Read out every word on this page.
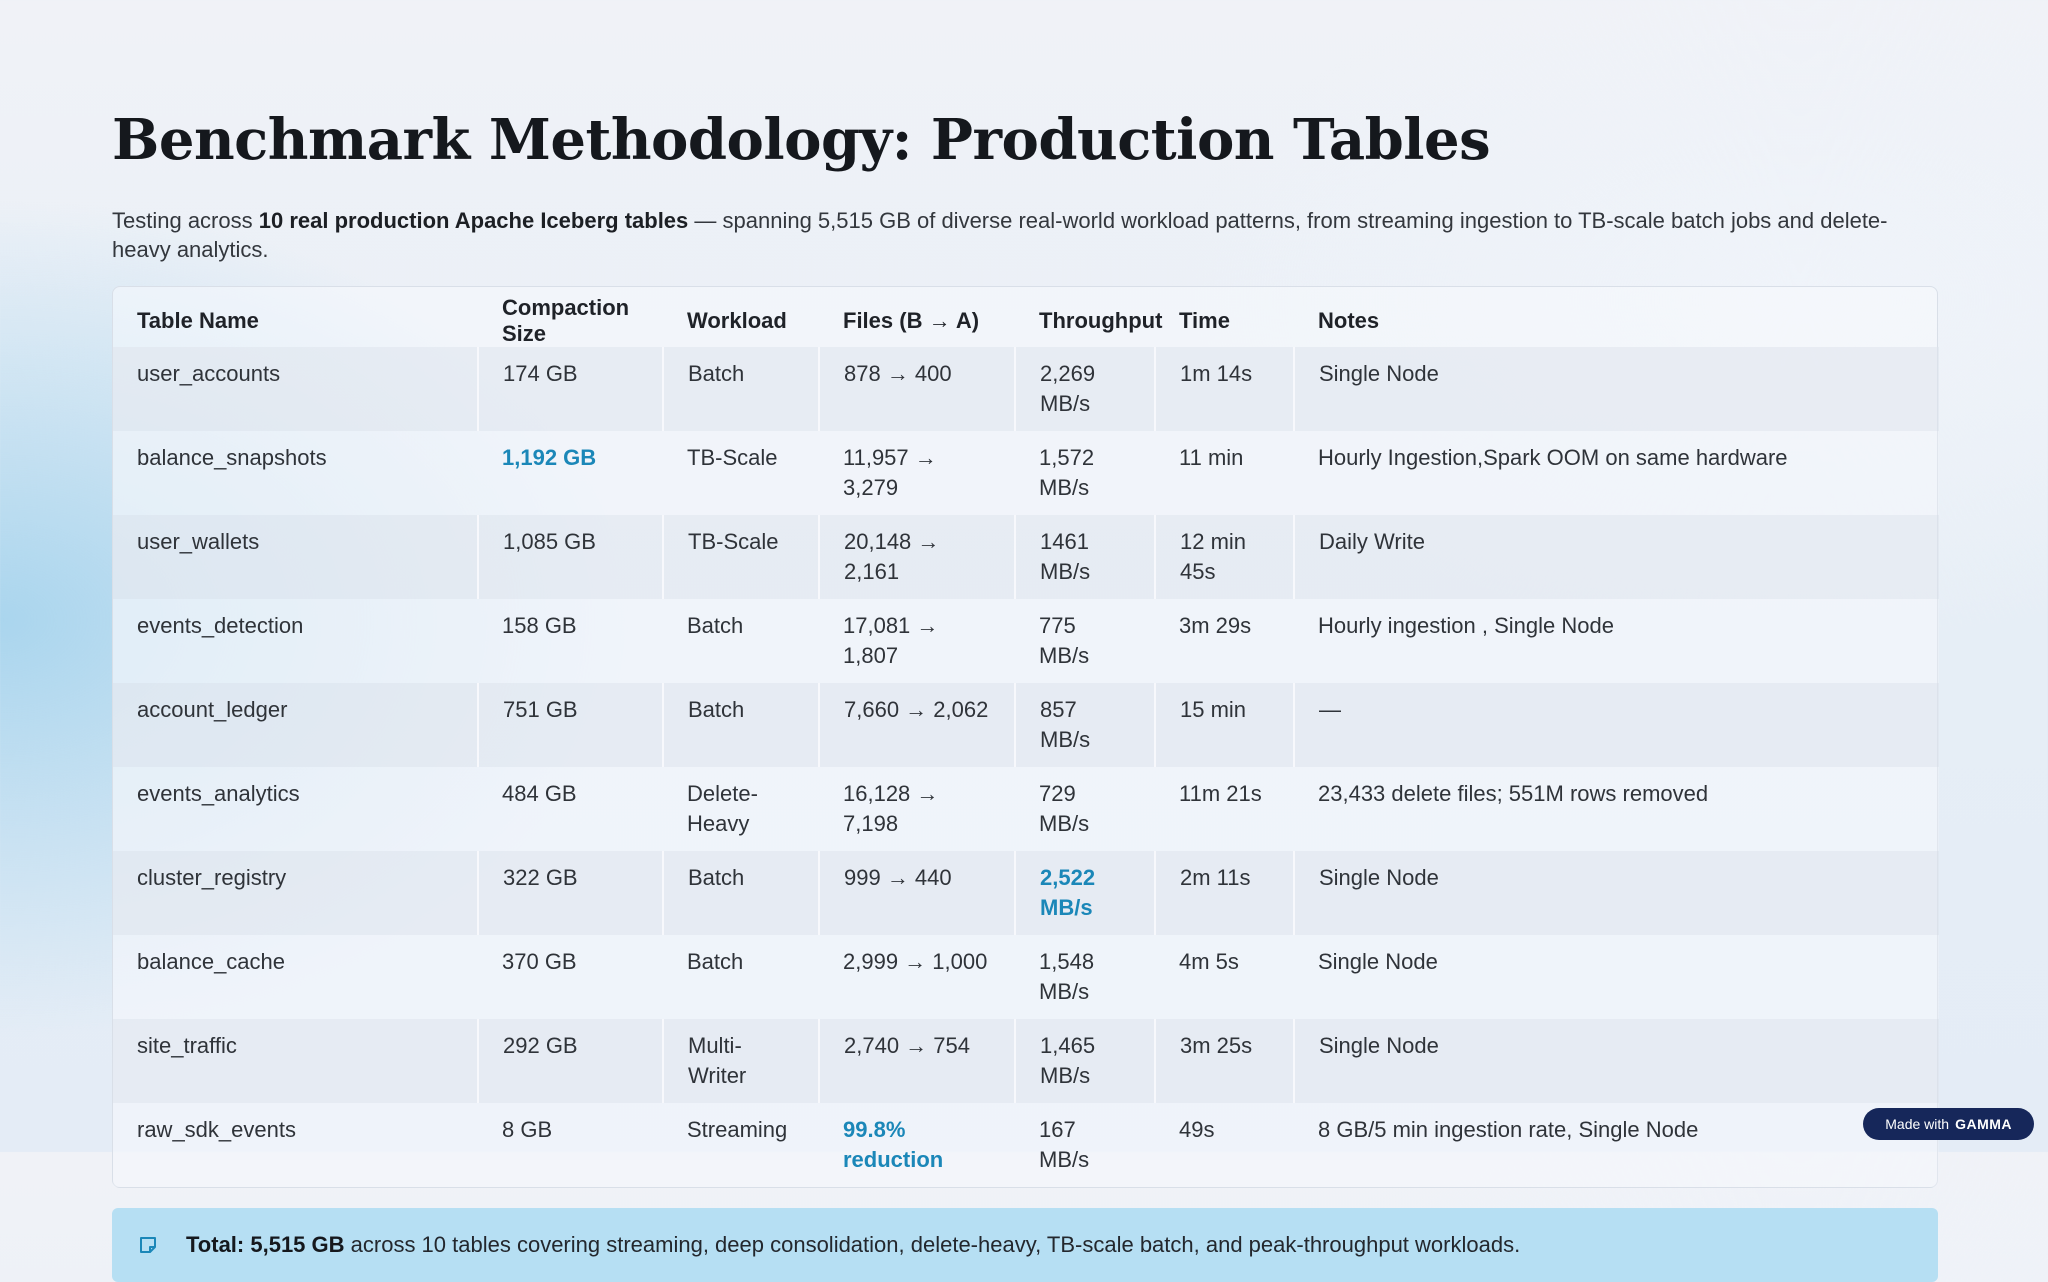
Benchmark Methodology: Production Tables

Testing across 10 real production Apache Iceberg tables — spanning 5,515 GB of diverse real-world workload patterns, from streaming ingestion to TB-scale batch jobs and delete-heavy analytics.

Table Name	Compaction Size	Workload	Files (B → A)	Throughput	Time	Notes
user_accounts	174 GB	Batch	878 → 400	2,269 MB/s	1m 14s	Single Node
balance_snapshots	1,192 GB	TB-Scale	11,957 → 3,279	1,572 MB/s	11 min	Hourly Ingestion,Spark OOM on same hardware
user_wallets	1,085 GB	TB-Scale	20,148 → 2,161	1461 MB/s	12 min 45s	Daily Write
events_detection	158 GB	Batch	17,081 → 1,807	775 MB/s	3m 29s	Hourly ingestion , Single Node
account_ledger	751 GB	Batch	7,660 → 2,062	857 MB/s	15 min	—
events_analytics	484 GB	Delete-Heavy	16,128 → 7,198	729 MB/s	11m 21s	23,433 delete files; 551M rows removed
cluster_registry	322 GB	Batch	999 → 440	2,522 MB/s	2m 11s	Single Node
balance_cache	370 GB	Batch	2,999 → 1,000	1,548 MB/s	4m 5s	Single Node
site_traffic	292 GB	Multi-Writer	2,740 → 754	1,465 MB/s	3m 25s	Single Node
raw_sdk_events	8 GB	Streaming	99.8% reduction	167 MB/s	49s	8 GB/5 min ingestion rate, Single Node
Total: 5,515 GB across 10 tables covering streaming, deep consolidation, delete-heavy, TB-scale batch, and peak-throughput workloads.
Made with GAMMA
